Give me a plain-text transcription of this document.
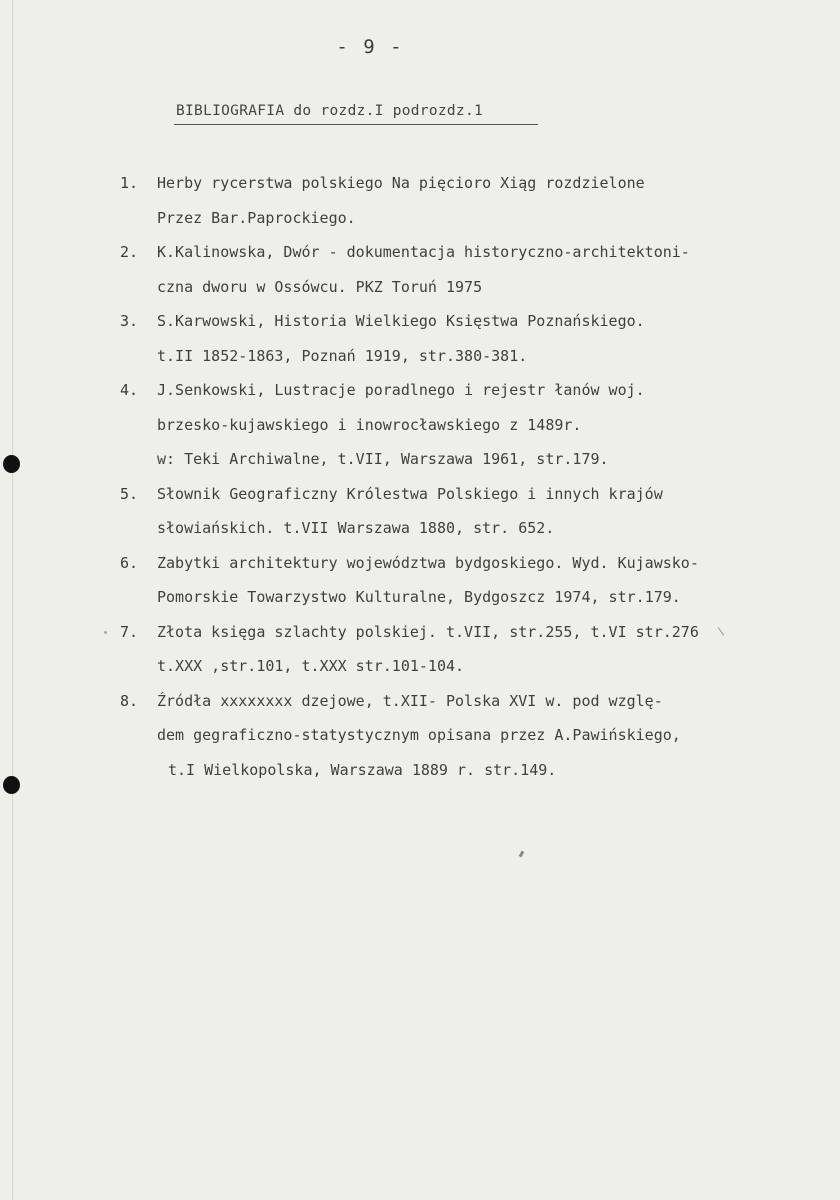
- 9 -
BIBLIOGRAFIA do rozdz.I podrozdz.1
1.	Herby rycerstwa polskiego Na pięcioro Xiąg rozdzielone
Przez Bar.Paprockiego.
2.	K.Kalinowska, Dwór - dokumentacja historyczno-architektoni-
czna dworu w Ossówcu. PKZ Toruń 1975
3.	S.Karwowski, Historia Wielkiego Księstwa Poznańskiego.
t.II 1852-1863, Poznań 1919, str.380-381.
4.	J.Senkowski, Lustracje poradlnego i rejestr łanów woj.
brzesko-kujawskiego i inowrocławskiego z 1489r.
w: Teki Archiwalne, t.VII, Warszawa 1961, str.179.
5.	Słownik Geograficzny Królestwa Polskiego i innych krajów
słowiańskich. t.VII Warszawa 1880, str. 652.
6.	Zabytki architektury województwa bydgoskiego. Wyd. Kujawsko-
Pomorskie Towarzystwo Kulturalne, Bydgoszcz 1974, str.179.
7.	Złota księga szlachty polskiej. t.VII, str.255, t.VI str.276
t.XXX ,str.101, t.XXX str.101-104.
8.	Źródła xxxxxxxx dzejowe, t.XII- Polska XVI w. pod wzglę-
dem gegraficzno-statystycznym opisana przez A.Pawińskiego,
t.I Wielkopolska, Warszawa 1889 r. str.149.
